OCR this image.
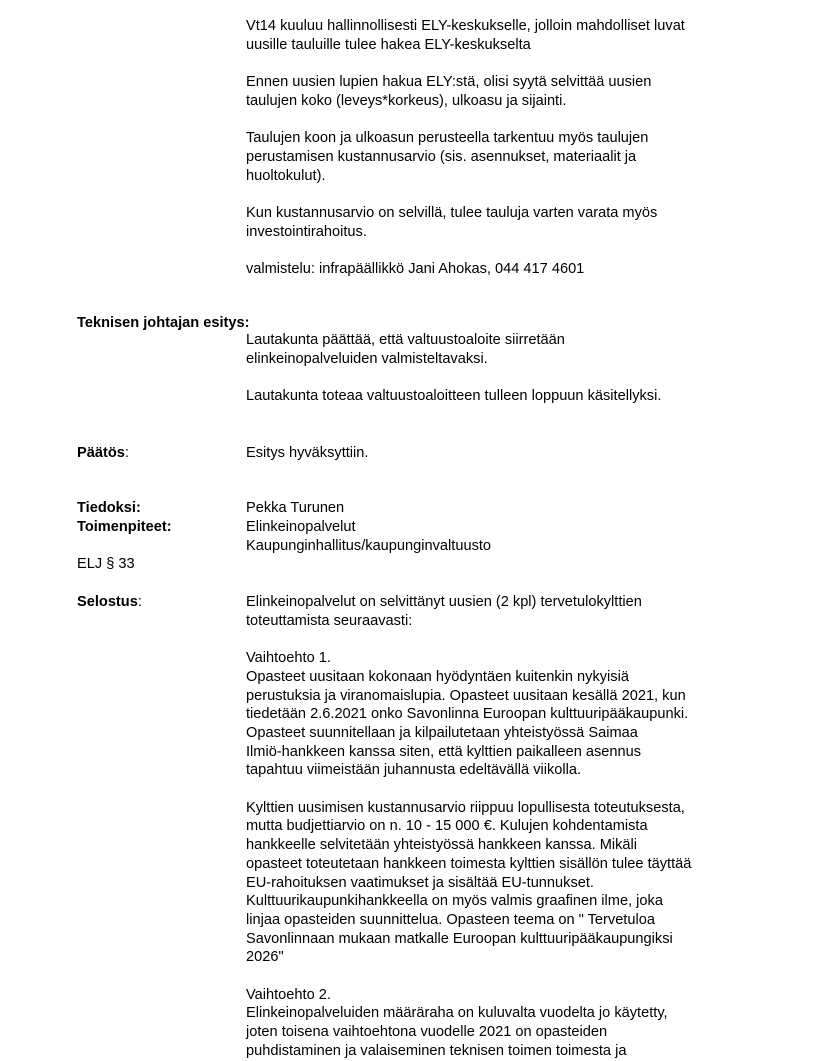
Vt14 kuuluu hallinnollisesti ELY-keskukselle, jolloin mahdolliset luvat
uusille tauluille tulee hakea ELY-keskukselta

Ennen uusien lupien hakua ELY:stä, olisi syytä selvittää uusien
taulujen koko (leveys*korkeus), ulkoasu ja sijainti.

Taulujen koon ja ulkoasun perusteella tarkentuu myös taulujen
perustamisen kustannusarvio (sis. asennukset, materiaalit ja
huoltokulut).

Kun kustannusarvio on selvillä, tulee tauluja varten varata myös
investointirahoitus.

valmistelu: infrapäällikkö Jani Ahokas, 044 417 4601

Teknisen johtajan esitys:

Lautakunta päättää, että valtuustoaloite siirretään
elinkeinopalveluiden valmisteltavaksi.

Lautakunta toteaa valtuustoaloitteen tulleen loppuun käsitellyksi.

Päätös:	Esitys hyväksyttiin.
Tiedoksi:	Pekka Turunen
Toimenpiteet:	Elinkeinopalvelut
Kaupunginhallitus/kaupunginvaltuusto
ELJ § 33
Selostus:	Elinkeinopalvelut on selvittänyt uusien (2 kpl) tervetulokylttien
toteuttamista seuraavasti:

Vaihtoehto 1.
Opasteet uusitaan kokonaan hyödyntäen kuitenkin nykyisiä
perustuksia ja viranomaislupia. Opasteet uusitaan kesällä 2021, kun
tiedetään 2.6.2021 onko Savonlinna Euroopan kulttuuripääkaupunki.
Opasteet suunnitellaan ja kilpailutetaan yhteistyössä Saimaa
Ilmiö-hankkeen kanssa siten, että kylttien paikalleen asennus
tapahtuu viimeistään juhannusta edeltävällä viikolla.

Kylttien uusimisen kustannusarvio riippuu lopullisesta toteutuksesta,
mutta budjettiarvio on n. 10 - 15 000 €. Kulujen kohdentamista
hankkeelle selvitetään yhteistyössä hankkeen kanssa. Mikäli
opasteet toteutetaan hankkeen toimesta kylttien sisällön tulee täyttää
EU-rahoituksen vaatimukset ja sisältää EU-tunnukset.
Kulttuurikaupunkihankkeella on myös valmis graafinen ilme, joka
linjaa opasteiden suunnittelua. Opasteen teema on " Tervetuloa
Savonlinnaan mukaan matkalle Euroopan kulttuuripääkaupungiksi
2026"

Vaihtoehto 2.
Elinkeinopalveluiden määräraha on kuluvalta vuodelta jo käytetty,
joten toisena vaihtoehtona vuodelle 2021 on opasteiden
puhdistaminen ja valaiseminen teknisen toimen toimesta ja
